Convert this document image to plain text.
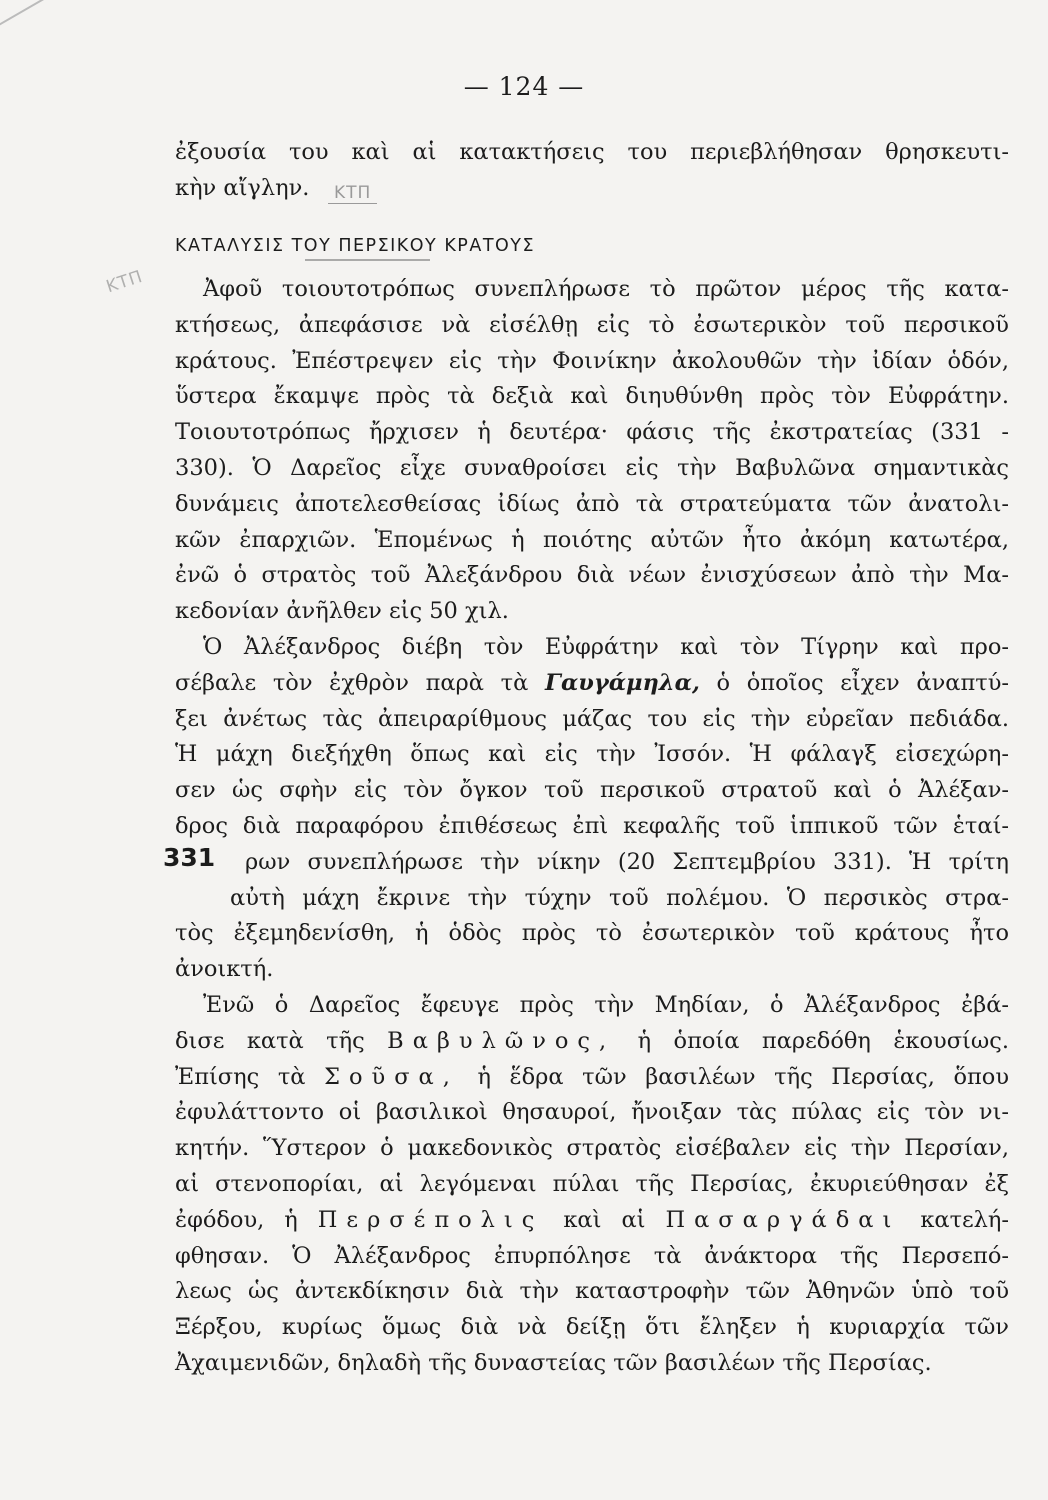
— 124 —
ἐξουσία του καὶ αἱ κατακτήσεις του περιεβλήθησαν θρησκευτι-
κὴν αἴγλην.	ΚΤΠ
ΚΤΠ
ΚΑΤΑΛΥΣΙΣ ΤΟΥ ΠΕΡΣΙΚΟΥ ΚΡΑΤΟΥΣ
Ἀφοῦ τοιουτοτρόπως συνεπλήρωσε τὸ πρῶτον μέρος τῆς κατα-
κτήσεως, ἀπεφάσισε νὰ εἰσέλθῃ εἰς τὸ ἐσωτερικὸν τοῦ περσικοῦ
κράτους. Ἐπέστρεψεν εἰς τὴν Φοινίκην ἀκολουθῶν τὴν ἰδίαν ὁδόν,
ὕστερα ἔκαμψε πρὸς τὰ δεξιὰ καὶ διηυθύνθη πρὸς τὸν Εὐφράτην.
Τοιουτοτρόπως ἤρχισεν ἡ δευτέρα· φάσις τῆς ἐκστρατείας (331 -
330). Ὁ Δαρεῖος εἶχε συναθροίσει εἰς τὴν Βαβυλῶνα σημαντικὰς
δυνάμεις ἀποτελεσθείσας ἰδίως ἀπὸ τὰ στρατεύματα τῶν ἀνατολι-
κῶν ἐπαρχιῶν. Ἑπομένως ἡ ποιότης αὐτῶν ἦτο ἀκόμη κατωτέρα,
ἐνῶ ὁ στρατὸς τοῦ Ἀλεξάνδρου διὰ νέων ἐνισχύσεων ἀπὸ τὴν Μα-
κεδονίαν ἀνῆλθεν εἰς 50 χιλ.
Ὁ Ἀλέξανδρος διέβη τὸν Εὐφράτην καὶ τὸν Τίγρην καὶ προ-
σέβαλε τὸν ἐχθρὸν παρὰ τὰ Γαυγάμηλα, ὁ ὁποῖος εἶχεν ἀναπτύ-
ξει ἀνέτως τὰς ἀπειραρίθμους μάζας του εἰς τὴν εὐρεῖαν πεδιάδα.
Ἡ μάχη διεξήχθη ὅπως καὶ εἰς τὴν Ἰσσόν. Ἡ φάλαγξ εἰσεχώρη-
σεν ὡς σφὴν εἰς τὸν ὄγκον τοῦ περσικοῦ στρατοῦ καὶ ὁ Ἀλέξαν-
δρος διὰ παραφόρου ἐπιθέσεως ἐπὶ κεφαλῆς τοῦ ἱππικοῦ τῶν ἑταί-
ρων συνεπλήρωσε τὴν νίκην (20 Σεπτεμβρίου 331). Ἡ τρίτη
αὐτὴ μάχη ἔκρινε τὴν τύχην τοῦ πολέμου. Ὁ περσικὸς στρα-
τὸς ἐξεμηδενίσθη, ἡ ὁδὸς πρὸς τὸ ἐσωτερικὸν τοῦ κράτους ἦτο
ἀνοικτή.
331
Ἐνῶ ὁ Δαρεῖος ἔφευγε πρὸς τὴν Μηδίαν, ὁ Ἀλέξανδρος ἐβά-
δισε κατὰ τῆς Βαβυλῶνος, ἡ ὁποία παρεδόθη ἑκουσίως.
Ἐπίσης τὰ Σοῦσα, ἡ ἕδρα τῶν βασιλέων τῆς Περσίας, ὅπου
ἐφυλάττοντο οἱ βασιλικοὶ θησαυροί, ἤνοιξαν τὰς πύλας εἰς τὸν νι-
κητήν. Ὕστερον ὁ μακεδονικὸς στρατὸς εἰσέβαλεν εἰς τὴν Περσίαν,
αἱ στενοπορίαι, αἱ λεγόμεναι πύλαι τῆς Περσίας, ἐκυριεύθησαν ἐξ
ἐφόδου, ἡ Περσέπολις καὶ αἱ Πασαργάδαι κατελή-
φθησαν. Ὁ Ἀλέξανδρος ἐπυρπόλησε τὰ ἀνάκτορα τῆς Περσεπό-
λεως ὡς ἀντεκδίκησιν διὰ τὴν καταστροφὴν τῶν Ἀθηνῶν ὑπὸ τοῦ
Ξέρξου, κυρίως ὅμως διὰ νὰ δείξῃ ὅτι ἔληξεν ἡ κυριαρχία τῶν
Ἀχαιμενιδῶν, δηλαδὴ τῆς δυναστείας τῶν βασιλέων τῆς Περσίας.
